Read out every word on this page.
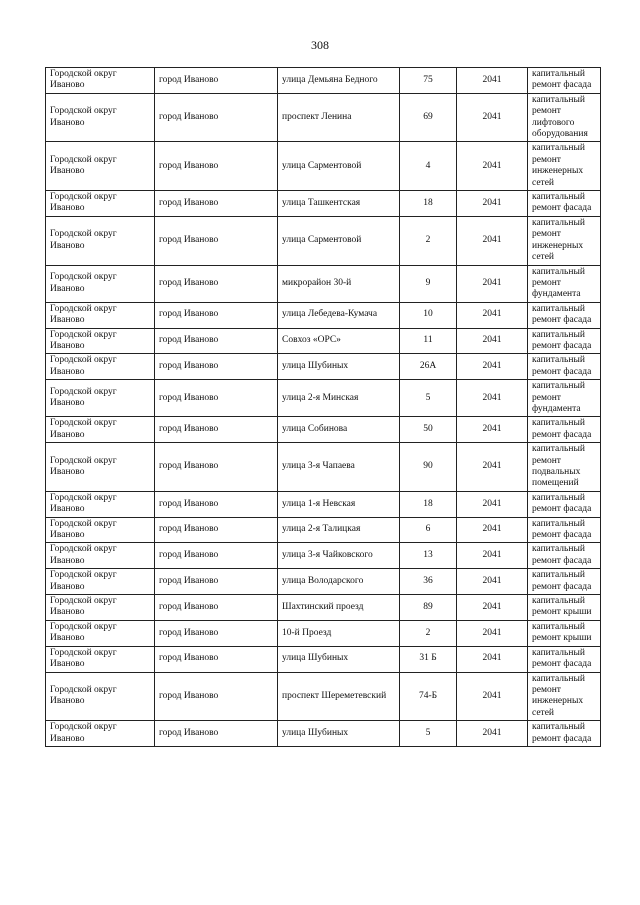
308
Городской округ Иваново	город Иваново	улица Демьяна Бедного	75	2041	капитальный ремонт фасада
Городской округ Иваново	город Иваново	проспект Ленина	69	2041	капитальный ремонт лифтового оборудования
Городской округ Иваново	город Иваново	улица Сарментовой	4	2041	капитальный ремонт инженерных сетей
Городской округ Иваново	город Иваново	улица Ташкентская	18	2041	капитальный ремонт фасада
Городской округ Иваново	город Иваново	улица Сарментовой	2	2041	капитальный ремонт инженерных сетей
Городской округ Иваново	город Иваново	микрорайон 30-й	9	2041	капитальный ремонт фундамента
Городской округ Иваново	город Иваново	улица Лебедева-Кумача	10	2041	капитальный ремонт фасада
Городской округ Иваново	город Иваново	Совхоз «ОРС»	11	2041	капитальный ремонт фасада
Городской округ Иваново	город Иваново	улица Шубиных	26А	2041	капитальный ремонт фасада
Городской округ Иваново	город Иваново	улица 2-я Минская	5	2041	капитальный ремонт фундамента
Городской округ Иваново	город Иваново	улица Собинова	50	2041	капитальный ремонт фасада
Городской округ Иваново	город Иваново	улица 3-я Чапаева	90	2041	капитальный ремонт подвальных помещений
Городской округ Иваново	город Иваново	улица 1-я Невская	18	2041	капитальный ремонт фасада
Городской округ Иваново	город Иваново	улица 2-я Талицкая	6	2041	капитальный ремонт фасада
Городской округ Иваново	город Иваново	улица 3-я Чайковского	13	2041	капитальный ремонт фасада
Городской округ Иваново	город Иваново	улица Володарского	36	2041	капитальный ремонт фасада
Городской округ Иваново	город Иваново	Шахтинский проезд	89	2041	капитальный ремонт крыши
Городской округ Иваново	город Иваново	10-й Проезд	2	2041	капитальный ремонт крыши
Городской округ Иваново	город Иваново	улица Шубиных	31 Б	2041	капитальный ремонт фасада
Городской округ Иваново	город Иваново	проспект Шереметевский	74-Б	2041	капитальный ремонт инженерных сетей
Городской округ Иваново	город Иваново	улица Шубиных	5	2041	капитальный ремонт фасада
